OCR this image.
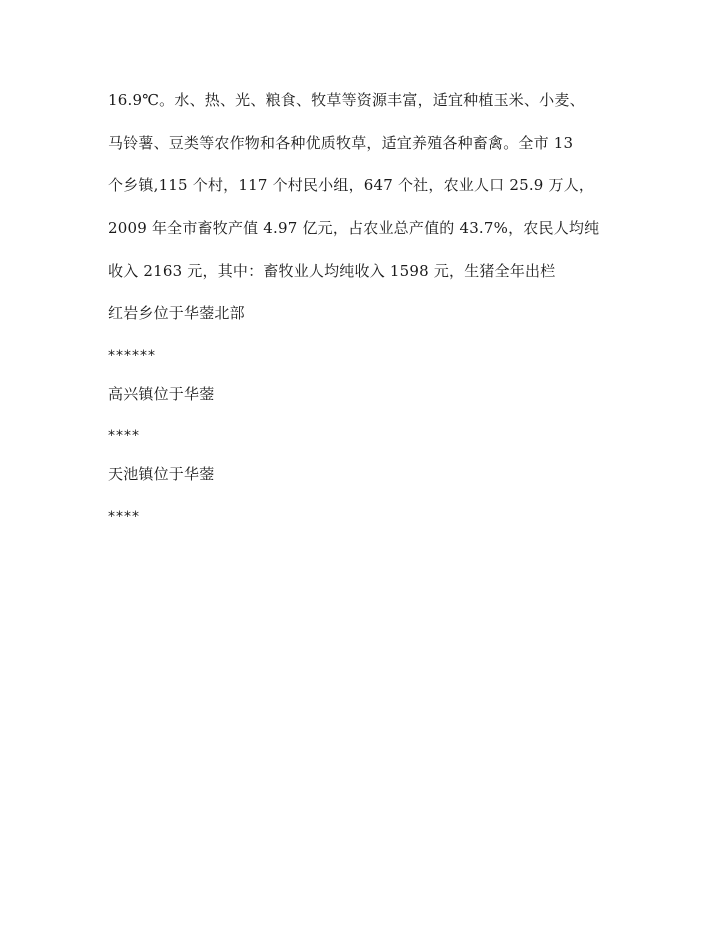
16.9℃。水、热、光、粮食、牧草等资源丰富，适宜种植玉米、小麦、
马铃薯、豆类等农作物和各种优质牧草，适宜养殖各种畜禽。全市 13
个乡镇,115 个村，117 个村民小组，647 个社，农业人口 25.9 万人，
2009 年全市畜牧产值 4.97 亿元，占农业总产值的 43.7%，农民人均纯
收入 2163 元，其中：畜牧业人均纯收入 1598 元，生猪全年出栏
红岩乡位于华蓥北部
******
高兴镇位于华蓥
****
天池镇位于华蓥
****
